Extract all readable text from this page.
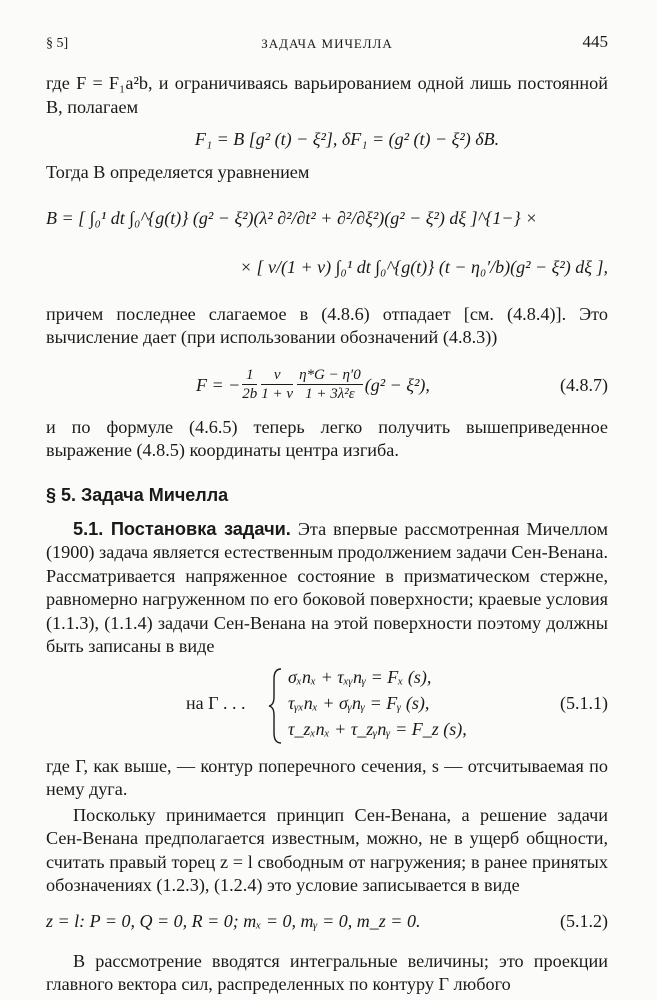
§ 5]	ЗАДАЧА МИЧЕЛЛА	445

где F = F₁a²b, и ограничиваясь варьированием одной лишь постоянной B, полагаем

F₁ = B [g² (t) − ξ²], δF₁ = (g² (t) − ξ²) δB.

Тогда B определяется уравнением

B = [ ∫₀¹ dt ∫₀^{g(t)} (g² − ξ²)(λ² ∂²/∂t² + ∂²/∂ξ²)(g² − ξ²) dξ ]^{1−} ×
× [ ν/(1 + ν) ∫₀¹ dt ∫₀^{g(t)} (t − η₀′/b)(g² − ξ²) dξ ],

причем последнее слагаемое в (4.8.6) отпадает [см. (4.8.4)]. Это вычисление дает (при использовании обозначений (4.8.3))

F = − $\frac{1}{2b} \frac{\nu}{1 + \nu} \frac{\eta*G - \eta'0}{\text{1 + 3λ²ε}} (g^2 - \xi^2)$,	(4.8.7)

и по формуле (4.6.5) теперь легко получить вышеприведенное выражение (4.8.5) координаты центра изгиба.

§ 5. Задача Мичелла

5.1. Постановка задачи. Эта впервые рассмотренная Мичеллом (1900) задача является естественным продолжением задачи Сен-Венана. Рассматривается напряженное состояние в призматическом стержне, равномерно нагруженном по его боковой поверхности; краевые условия (1.1.3), (1.1.4) задачи Сен-Венана на этой поверхности поэтому должны быть записаны в виде

на Γ . . .
σₓnₓ + τₓᵧnᵧ = Fₓ (s),
τᵧₓnₓ + σᵧnᵧ = Fᵧ (s),
τ_zₓnₓ + τ_zᵧnᵧ = F_z (s),
(5.1.1)

где Γ, как выше, — контур поперечного сечения, s — отсчитываемая по нему дуга.

Поскольку принимается принцип Сен-Венана, а решение задачи Сен-Венана предполагается известным, можно, не в ущерб общности, считать правый торец z = l свободным от нагружения; в ранее принятых обозначениях (1.2.3), (1.2.4) это условие записывается в виде

z = l: P = 0, Q = 0, R = 0; mₓ = 0, mᵧ = 0, m_z = 0.	(5.1.2)

В рассмотрение вводятся интегральные величины; это проекции главного вектора сил, распределенных по контуру Γ любого
